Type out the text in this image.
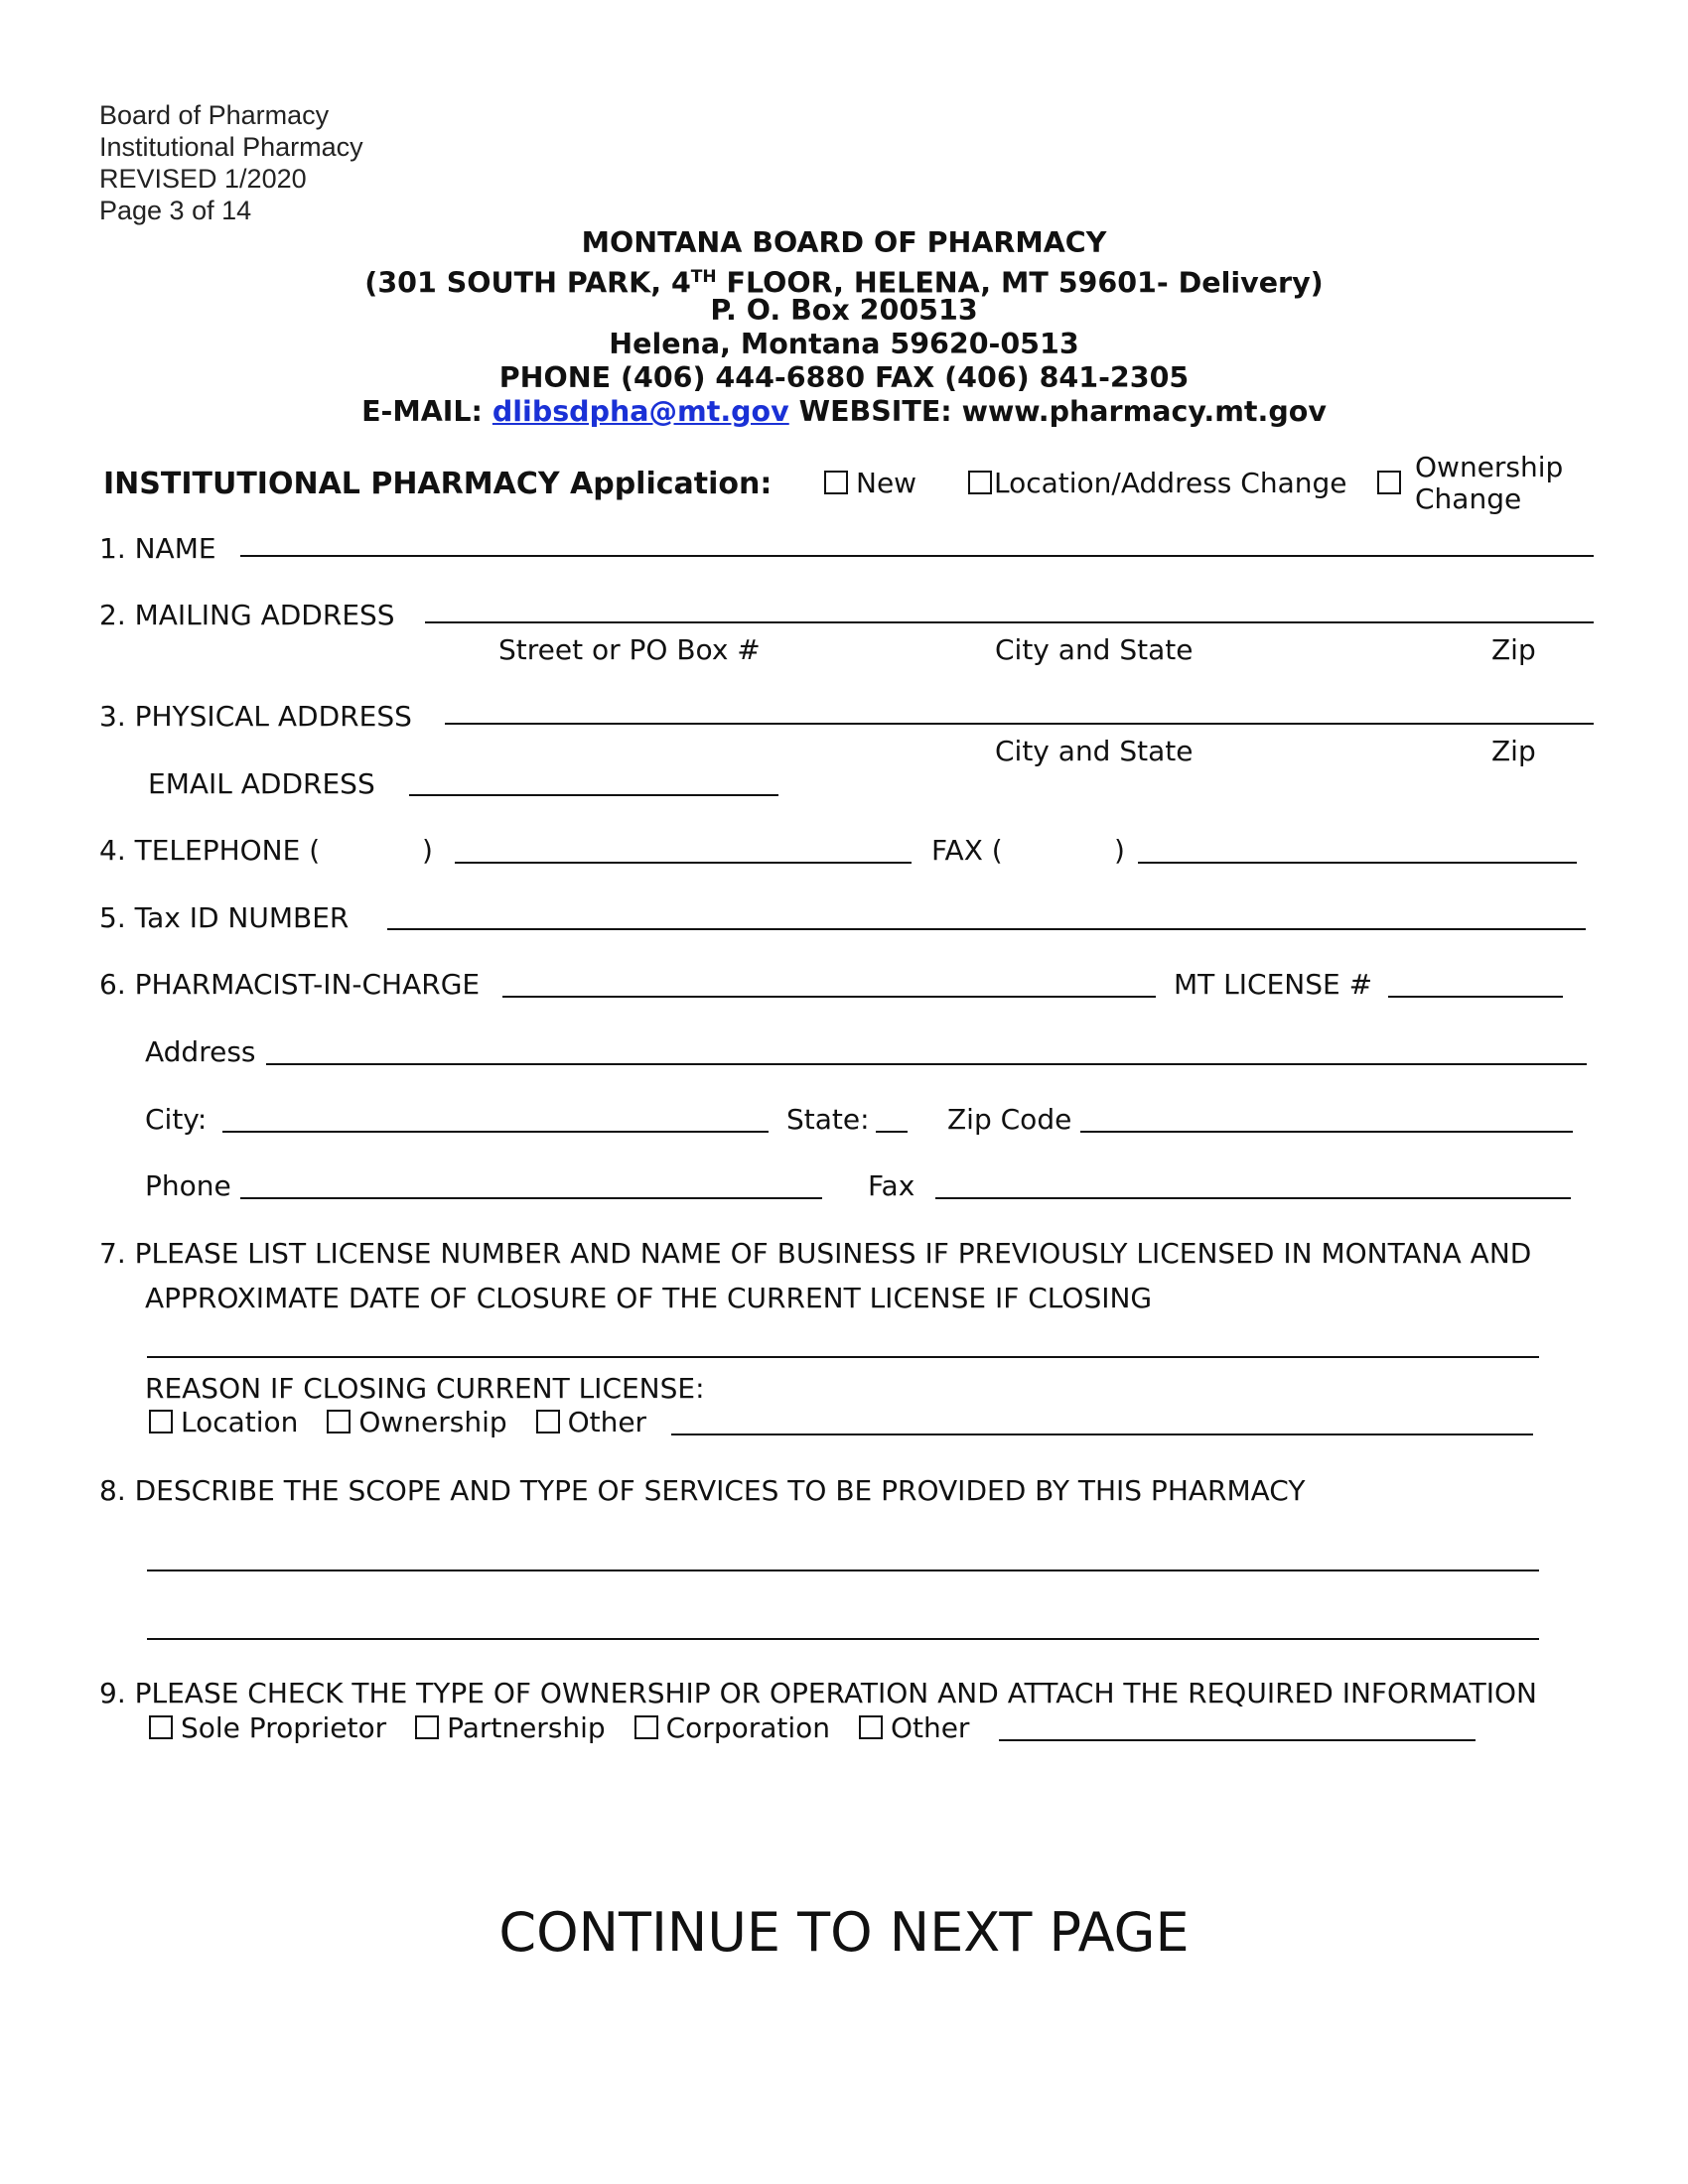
Board of Pharmacy
Institutional Pharmacy
REVISED 1/2020
Page 3 of 14
MONTANA BOARD OF PHARMACY
(301 SOUTH PARK, 4TH FLOOR, HELENA, MT 59601- Delivery)
P. O. Box 200513
Helena, Montana 59620-0513
PHONE (406) 444-6880 FAX (406) 841-2305
E-MAIL: dlibsdpha@mt.gov WEBSITE: www.pharmacy.mt.gov
INSTITUTIONAL PHARMACY Application:	New	Location/Address Change Ownership
Change
1. NAME
2. MAILING ADDRESS
Street or PO Box #	City and State	Zip
3. PHYSICAL ADDRESS
City and State	Zip
EMAIL ADDRESS
4. TELEPHONE (	)	FAX (	)
5. Tax ID NUMBER
6. PHARMACIST-IN-CHARGE	MT LICENSE #
Address
City:	State:	Zip Code
Phone	Fax
7. PLEASE LIST LICENSE NUMBER AND NAME OF BUSINESS IF PREVIOUSLY LICENSED IN MONTANA AND
APPROXIMATE DATE OF CLOSURE OF THE CURRENT LICENSE IF CLOSING
REASON IF CLOSING CURRENT LICENSE:
Location Ownership Other
8. DESCRIBE THE SCOPE AND TYPE OF SERVICES TO BE PROVIDED BY THIS PHARMACY
9. PLEASE CHECK THE TYPE OF OWNERSHIP OR OPERATION AND ATTACH THE REQUIRED INFORMATION
Sole Proprietor Partnership Corporation Other
CONTINUE TO NEXT PAGE
